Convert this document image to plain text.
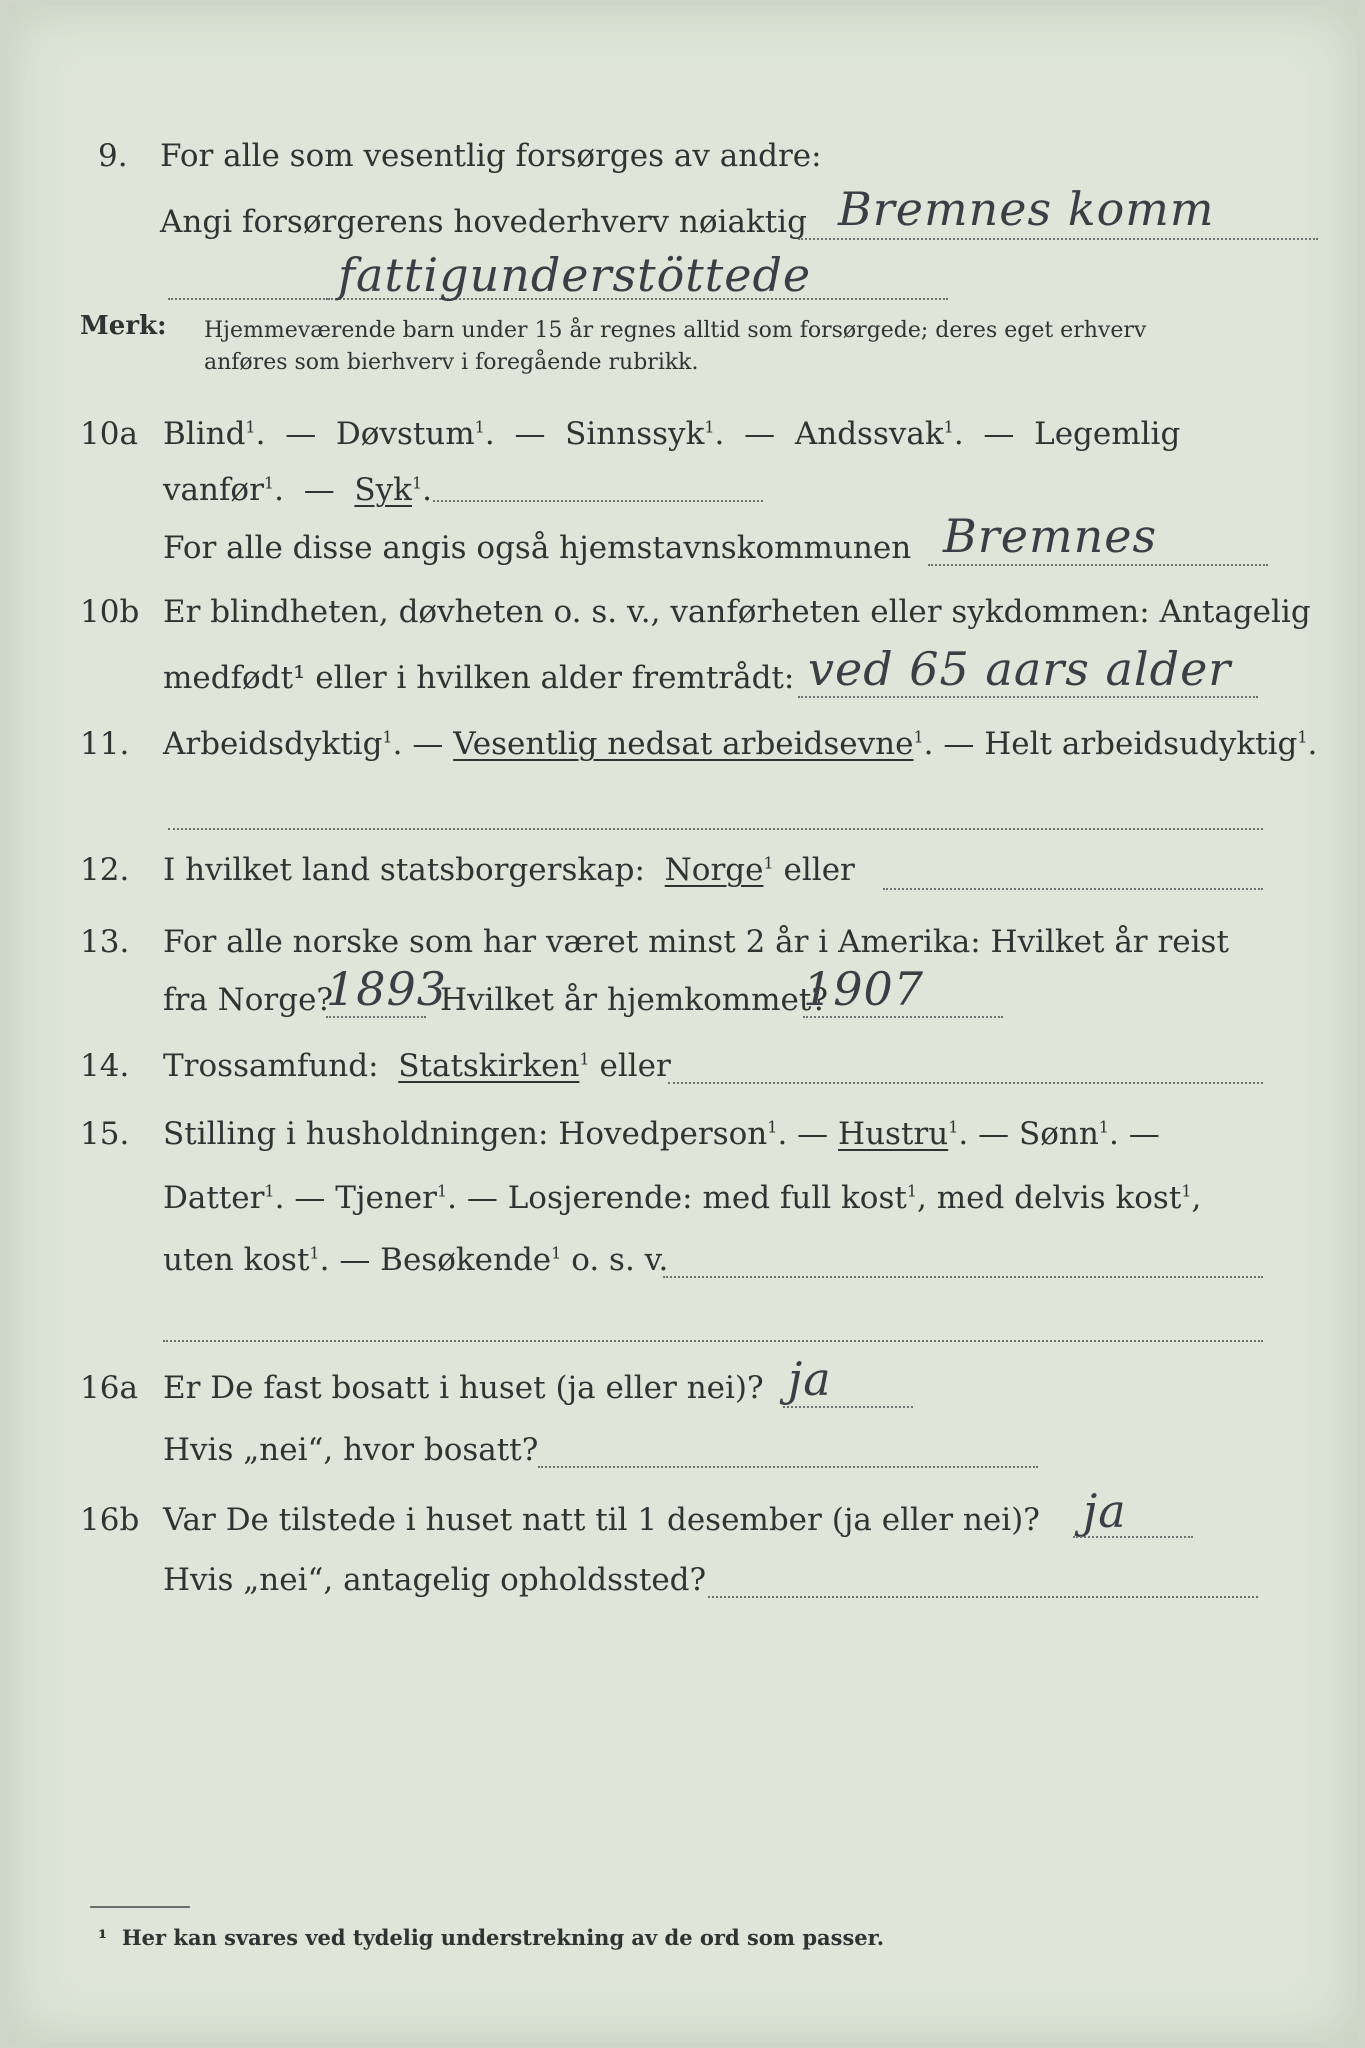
9. For alle som vesentlig forsørges av andre:
Angi forsørgerens hovederhverv nøiaktig Bremnes komm
fattigunderstöttede
Merk: Hjemmeværende barn under 15 år regnes alltid som forsørgede; deres eget erhverv
anføres som bierhverv i foregående rubrikk.
10a Blind$^1$. — Døvstum$^1$. — Sinnssyk$^1$. — Andssvak$^1$. — Legemlig
vanfør$^1$. — Syk$^1$.
For alle disse angis også hjemstavnskommunen Bremnes
10b Er blindheten, døvheten o. s. v., vanførheten eller sykdommen: Antagelig
medfødt¹ eller i hvilken alder fremtrådt: ved 65 aars alder
11. Arbeidsdyktig$^1$. — Vesentlig nedsat arbeidsevne$^1$. — Helt arbeidsudyktig$^1$.
12. I hvilket land statsborgerskap: Norge$^1$ eller
13. For alle norske som har været minst 2 år i Amerika: Hvilket år reist
fra Norge?
1893
Hvilket år hjemkommet?
1907
14. Trossamfund: Statskirken$^1$ eller
15. Stilling i husholdningen: Hovedperson$^1$. — Hustru$^1$. — Sønn$^1$. —
Datter$^1$. — Tjener$^1$. — Losjerende: med full kost$^1$, med delvis kost$^1$,
uten kost$^1$. — Besøkende$^1$ o. s. v.
16a Er De fast bosatt i huset (ja eller nei)? ja
Hvis „nei“, hvor bosatt?
16b Var De tilstede i huset natt til 1 desember (ja eller nei)? ja
Hvis „nei“, antagelig opholdssted?
¹ Her kan svares ved tydelig understrekning av de ord som passer.
